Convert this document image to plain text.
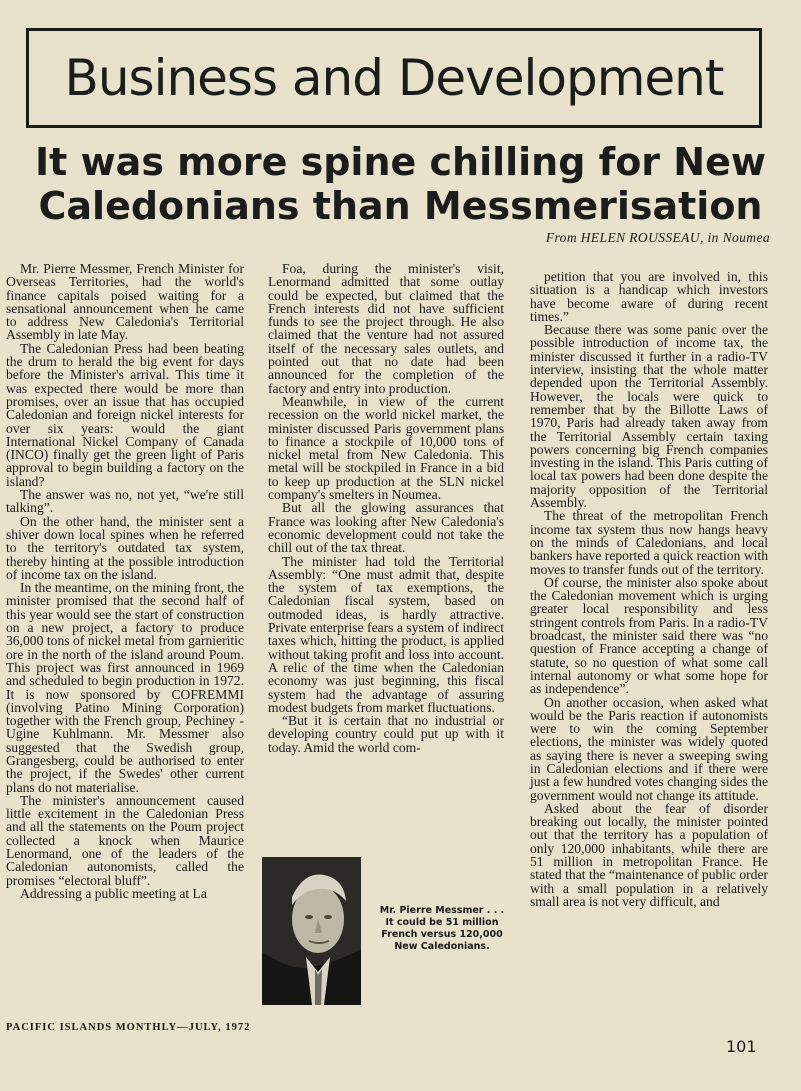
Business and Development
It was more spine chilling for New Caledonians than Messmerisation
From HELEN ROUSSEAU, in Noumea

Mr. Pierre Messmer, French Minister for Overseas Territories, had the world's finance capitals poised waiting for a sensational announcement when he came to address New Caledonia's Territorial Assembly in late May.

The Caledonian Press had been beating the drum to herald the big event for days before the Minister's arrival. This time it was expected there would be more than promises, over an issue that has occupied Caledonian and foreign nickel interests for over six years: would the giant International Nickel Company of Canada (INCO) finally get the green light of Paris approval to begin building a factory on the island?

The answer was no, not yet, “we're still talking”.

On the other hand, the minister sent a shiver down local spines when he referred to the territory's outdated tax system, thereby hinting at the possible introduction of income tax on the island.

In the meantime, on the mining front, the minister promised that the second half of this year would see the start of construction on a new project, a factory to produce 36,000 tons of nickel metal from garnieritic ore in the north of the island around Poum. This project was first announced in 1969 and scheduled to begin production in 1972. It is now sponsored by COFREMMI (involving Patino Mining Corporation) together with the French group, Pechiney - Ugine Kuhlmann. Mr. Messmer also suggested that the Swedish group, Grangesberg, could be authorised to enter the project, if the Swedes' other current plans do not materialise.

The minister's announcement caused little excitement in the Caledonian Press and all the statements on the Poum project collected a knock when Maurice Lenormand, one of the leaders of the Caledonian autonomists, called the promises “electoral bluff”.

Addressing a public meeting at La

Foa, during the minister's visit, Lenormand admitted that some outlay could be expected, but claimed that the French interests did not have sufficient funds to see the project through. He also claimed that the venture had not assured itself of the necessary sales outlets, and pointed out that no date had been announced for the completion of the factory and entry into production.

Meanwhile, in view of the current recession on the world nickel market, the minister discussed Paris government plans to finance a stockpile of 10,000 tons of nickel metal from New Caledonia. This metal will be stockpiled in France in a bid to keep up production at the SLN nickel company's smelters in Noumea.

But all the glowing assurances that France was looking after New Caledonia's economic development could not take the chill out of the tax threat.

The minister had told the Territorial Assembly: “One must admit that, despite the system of tax exemptions, the Caledonian fiscal system, based on outmoded ideas, is hardly attractive. Private enterprise fears a system of indirect taxes which, hitting the product, is applied without taking profit and loss into account. A relic of the time when the Caledonian economy was just beginning, this fiscal system had the advantage of assuring modest budgets from market fluctuations.

“But it is certain that no industrial or developing country could put up with it today. Amid the world com-

petition that you are involved in, this situation is a handicap which investors have become aware of during recent times.”

Because there was some panic over the possible introduction of income tax, the minister discussed it further in a radio-TV interview, insisting that the whole matter depended upon the Territorial Assembly. However, the locals were quick to remember that by the Billotte Laws of 1970, Paris had already taken away from the Territorial Assembly certain taxing powers concerning big French companies investing in the island. This Paris cutting of local tax powers had been done despite the majority opposition of the Territorial Assembly.

The threat of the metropolitan French income tax system thus now hangs heavy on the minds of Caledonians, and local bankers have reported a quick reaction with moves to transfer funds out of the territory.

Of course, the minister also spoke about the Caledonian movement which is urging greater local responsibility and less stringent controls from Paris. In a radio-TV broadcast, the minister said there was “no question of France accepting a change of statute, so no question of what some call internal autonomy or what some hope for as independence”.

On another occasion, when asked what would be the Paris reaction if autonomists were to win the coming September elections, the minister was widely quoted as saying there is never a sweeping swing in Caledonian elections and if there were just a few hundred votes changing sides the government would not change its attitude.

Asked about the fear of disorder breaking out locally, the minister pointed out that the territory has a population of only 120,000 inhabitants, while there are 51 million in metropolitan France. He stated that the “maintenance of public order with a small population in a relatively small area is not very difficult, and

Mr. Pierre Messmer . . . It could be 51 million French versus 120,000 New Caledonians.
PACIFIC ISLANDS MONTHLY—JULY, 1972
101
